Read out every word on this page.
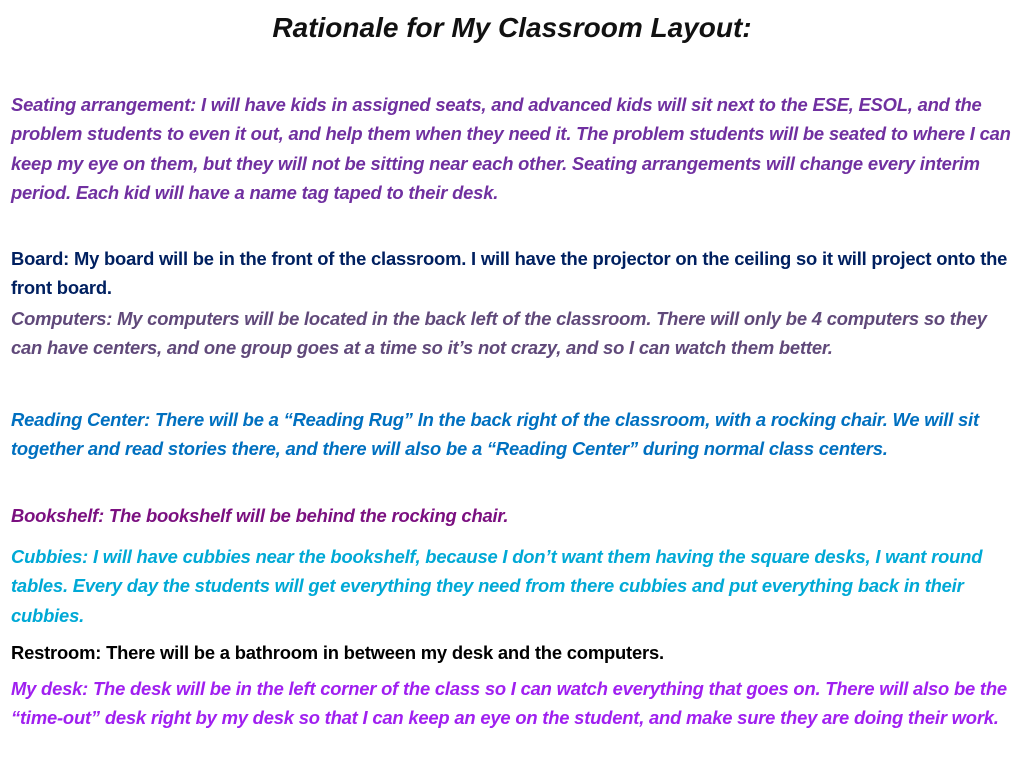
Rationale for My Classroom Layout:

Seating arrangement: I will have kids in assigned seats, and advanced kids will sit next to the ESE, ESOL, and the problem students to even it out, and help them when they need it. The problem students will be seated to where I can keep my eye on them, but they will not be sitting near each other. Seating arrangements will change every interim period. Each kid will have a name tag taped to their desk.

Board: My board will be in the front of the classroom. I will have the projector on the ceiling so it will project onto the front board.

Computers: My computers will be located in the back left of the classroom. There will only be 4 computers so they can have centers, and one group goes at a time so it’s not crazy, and so I can watch them better.

Reading Center: There will be a “Reading Rug” In the back right of the classroom, with a rocking chair. We will sit together and read stories there, and there will also be a “Reading Center” during normal class centers.

Bookshelf: The bookshelf will be behind the rocking chair.

Cubbies: I will have cubbies near the bookshelf, because I don’t want them having the square desks, I want round tables. Every day the students will get everything they need from there cubbies and put everything back in their cubbies.

Restroom: There will be a bathroom in between my desk and the computers.

My desk: The desk will be in the left corner of the class so I can watch everything that goes on. There will also be the “time-out” desk right by my desk so that I can keep an eye on the student, and make sure they are doing their work.
